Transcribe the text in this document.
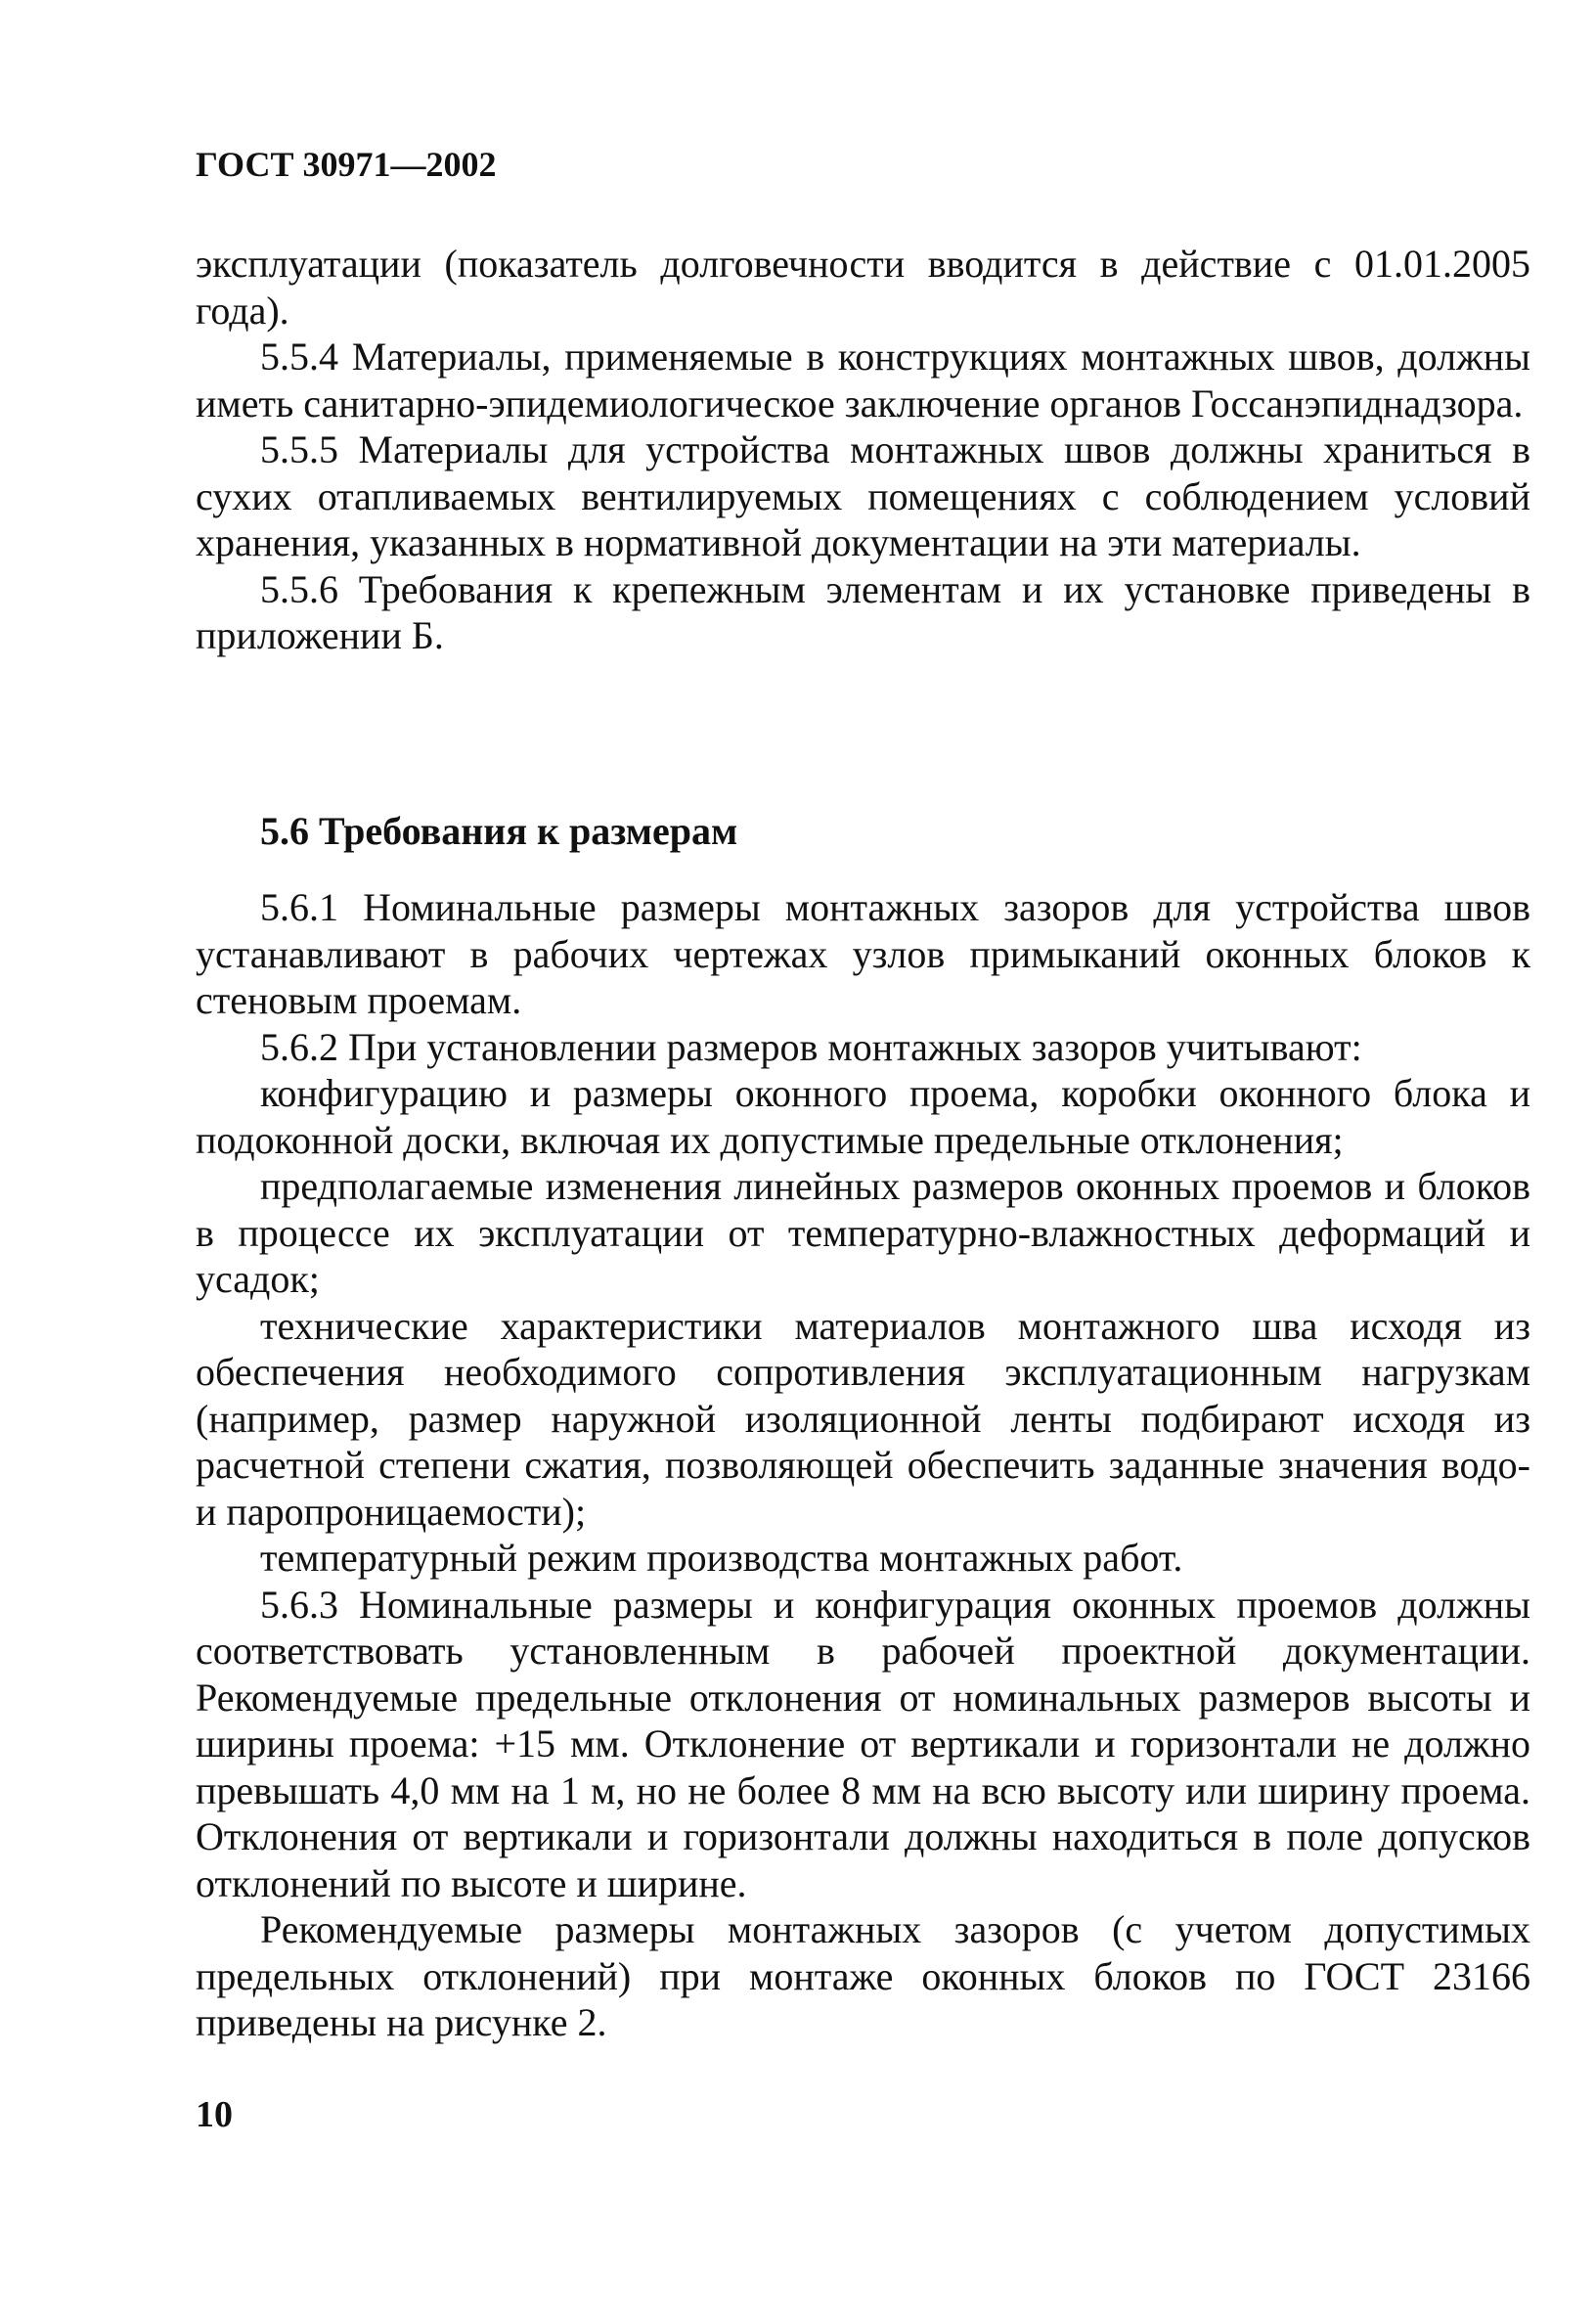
ГОСТ 30971—2002

эксплуатации (показатель долговечности вводится в действие с 01.01.2005 года).

5.5.4 Материалы, применяемые в конструкциях монтажных швов, должны иметь санитарно-эпидемиологическое заключение органов Госсанэпиднадзора.

5.5.5 Материалы для устройства монтажных швов должны храниться в сухих отапливаемых вентилируемых помещениях с соблюдением условий хранения, указанных в нормативной документации на эти материалы.

5.5.6 Требования к крепежным элементам и их установке приведены в приложении Б.

5.6 Требования к размерам

5.6.1 Номинальные размеры монтажных зазоров для устройства швов устанавливают в рабочих чертежах узлов примыканий оконных блоков к стеновым проемам.

5.6.2 При установлении размеров монтажных зазоров учитывают:

конфигурацию и размеры оконного проема, коробки оконного блока и подоконной доски, включая их допустимые предельные отклонения;

предполагаемые изменения линейных размеров оконных проемов и блоков в процессе их эксплуатации от температурно-влажностных деформаций и усадок;

технические характеристики материалов монтажного шва исходя из обеспечения необходимого сопротивления эксплуатационным нагрузкам (например, размер наружной изоляционной ленты подбирают исходя из расчетной степени сжатия, позволяющей обеспечить заданные значения водо- и паропроницаемости);

температурный режим производства монтажных работ.

5.6.3 Номинальные размеры и конфигурация оконных проемов должны соответствовать установленным в рабочей проектной документации. Рекомендуемые предельные отклонения от номинальных размеров высоты и ширины проема: +15 мм. Отклонение от вертикали и горизонтали не должно превышать 4,0 мм на 1 м, но не более 8 мм на всю высоту или ширину проема. Отклонения от вертикали и горизонтали должны находиться в поле допусков отклонений по высоте и ширине.

Рекомендуемые размеры монтажных зазоров (с учетом допустимых предельных отклонений) при монтаже оконных блоков по ГОСТ 23166 приведены на рисунке 2.

10
